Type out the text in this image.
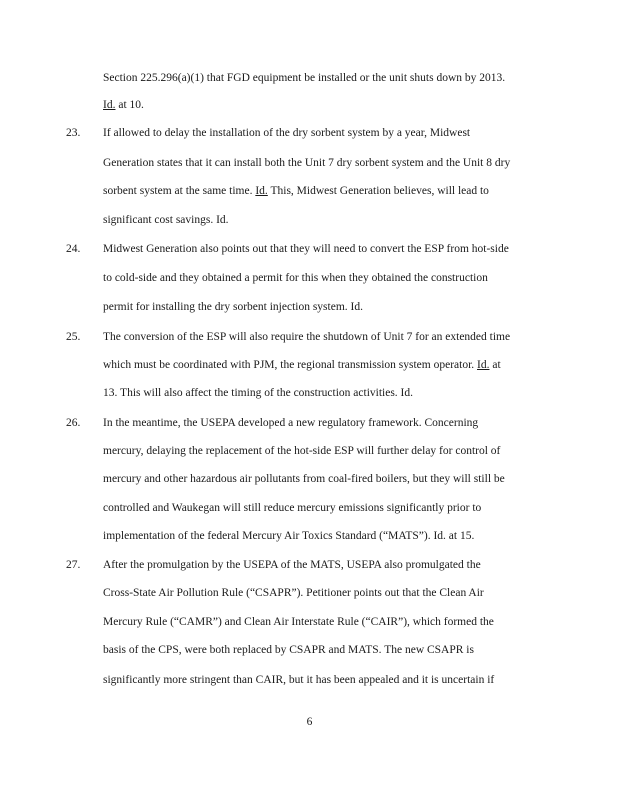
23.
24.
25.
26.
27.
Section 225.296(a)(1) that FGD equipment be installed or the unit shuts down by 2013.
Id. at 10.
If allowed to delay the installation of the dry sorbent system by a year, Midwest
Generation states that it can install both the Unit 7 dry sorbent system and the Unit 8 dry
sorbent system at the same time. Id. This, Midwest Generation believes, will lead to
significant cost savings. Id.
Midwest Generation also points out that they will need to convert the ESP from hot-side
to cold-side and they obtained a permit for this when they obtained the construction
permit for installing the dry sorbent injection system. Id.
The conversion of the ESP will also require the shutdown of Unit 7 for an extended time
which must be coordinated with PJM, the regional transmission system operator. Id. at
13. This will also affect the timing of the construction activities. Id.
In the meantime, the USEPA developed a new regulatory framework. Concerning
mercury, delaying the replacement of the hot-side ESP will further delay for control of
mercury and other hazardous air pollutants from coal-fired boilers, but they will still be
controlled and Waukegan will still reduce mercury emissions significantly prior to
implementation of the federal Mercury Air Toxics Standard (“MATS”). Id. at 15.
After the promulgation by the USEPA of the MATS, USEPA also promulgated the
Cross-State Air Pollution Rule (“CSAPR”). Petitioner points out that the Clean Air
Mercury Rule (“CAMR”) and Clean Air Interstate Rule (“CAIR”), which formed the
basis of the CPS, were both replaced by CSAPR and MATS. The new CSAPR is
significantly more stringent than CAIR, but it has been appealed and it is uncertain if
6
